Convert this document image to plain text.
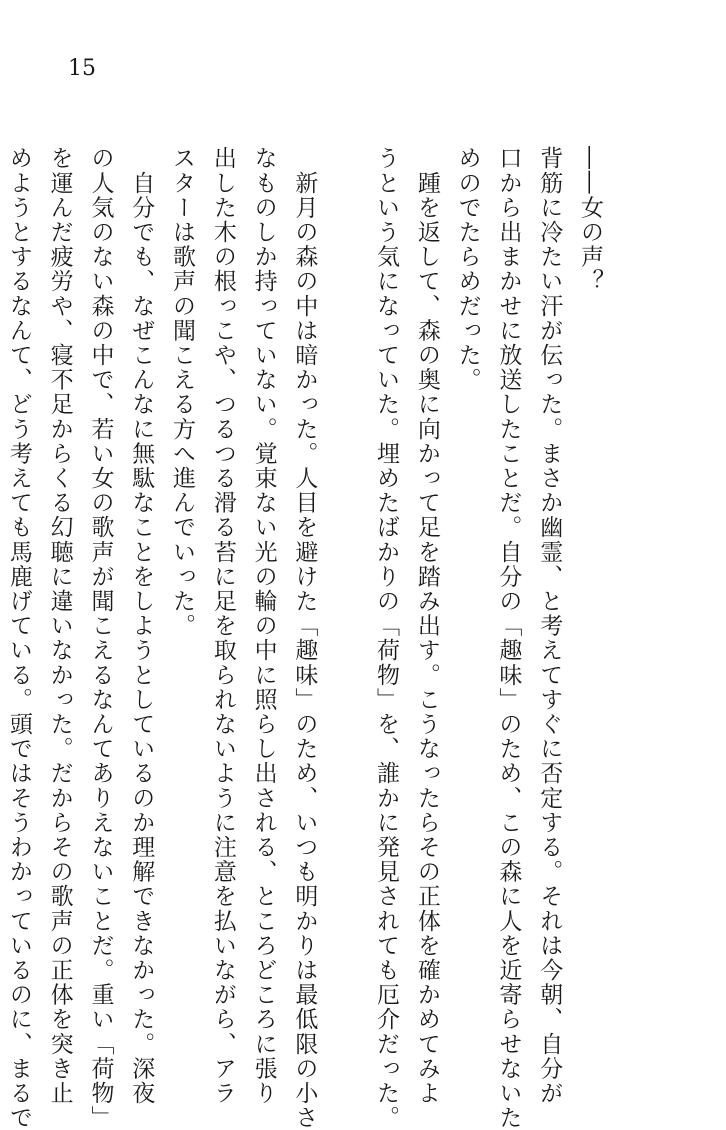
15

――女の声？

背筋に冷たい汗が伝った。まさか幽霊、と考えてすぐに否定する。それは今朝、自分が

口から出まかせに放送したことだ。自分の「趣味」のため、この森に人を近寄らせないた

めのでたらめだった。

　踵を返して、森の奥に向かって足を踏み出す。こうなったらその正体を確かめてみよ

うという気になっていた。埋めたばかりの「荷物」を、誰かに発見されても厄介だった。

　新月の森の中は暗かった。人目を避けた「趣味」のため、いつも明かりは最低限の小さ

なものしか持っていない。覚束ない光の輪の中に照らし出される、ところどころに張り

出した木の根っこや、つるつる滑る苔に足を取られないように注意を払いながら、アラ

スターは歌声の聞こえる方へ進んでいった。

　自分でも、なぜこんなに無駄なことをしようとしているのか理解できなかった。深夜

の人気のない森の中で、若い女の歌声が聞こえるなんてありえないことだ。重い「荷物」

を運んだ疲労や、寝不足からくる幻聴に違いなかった。だからその歌声の正体を突き止

めようとするなんて、どう考えても馬鹿げている。頭ではそうわかっているのに、まるで
